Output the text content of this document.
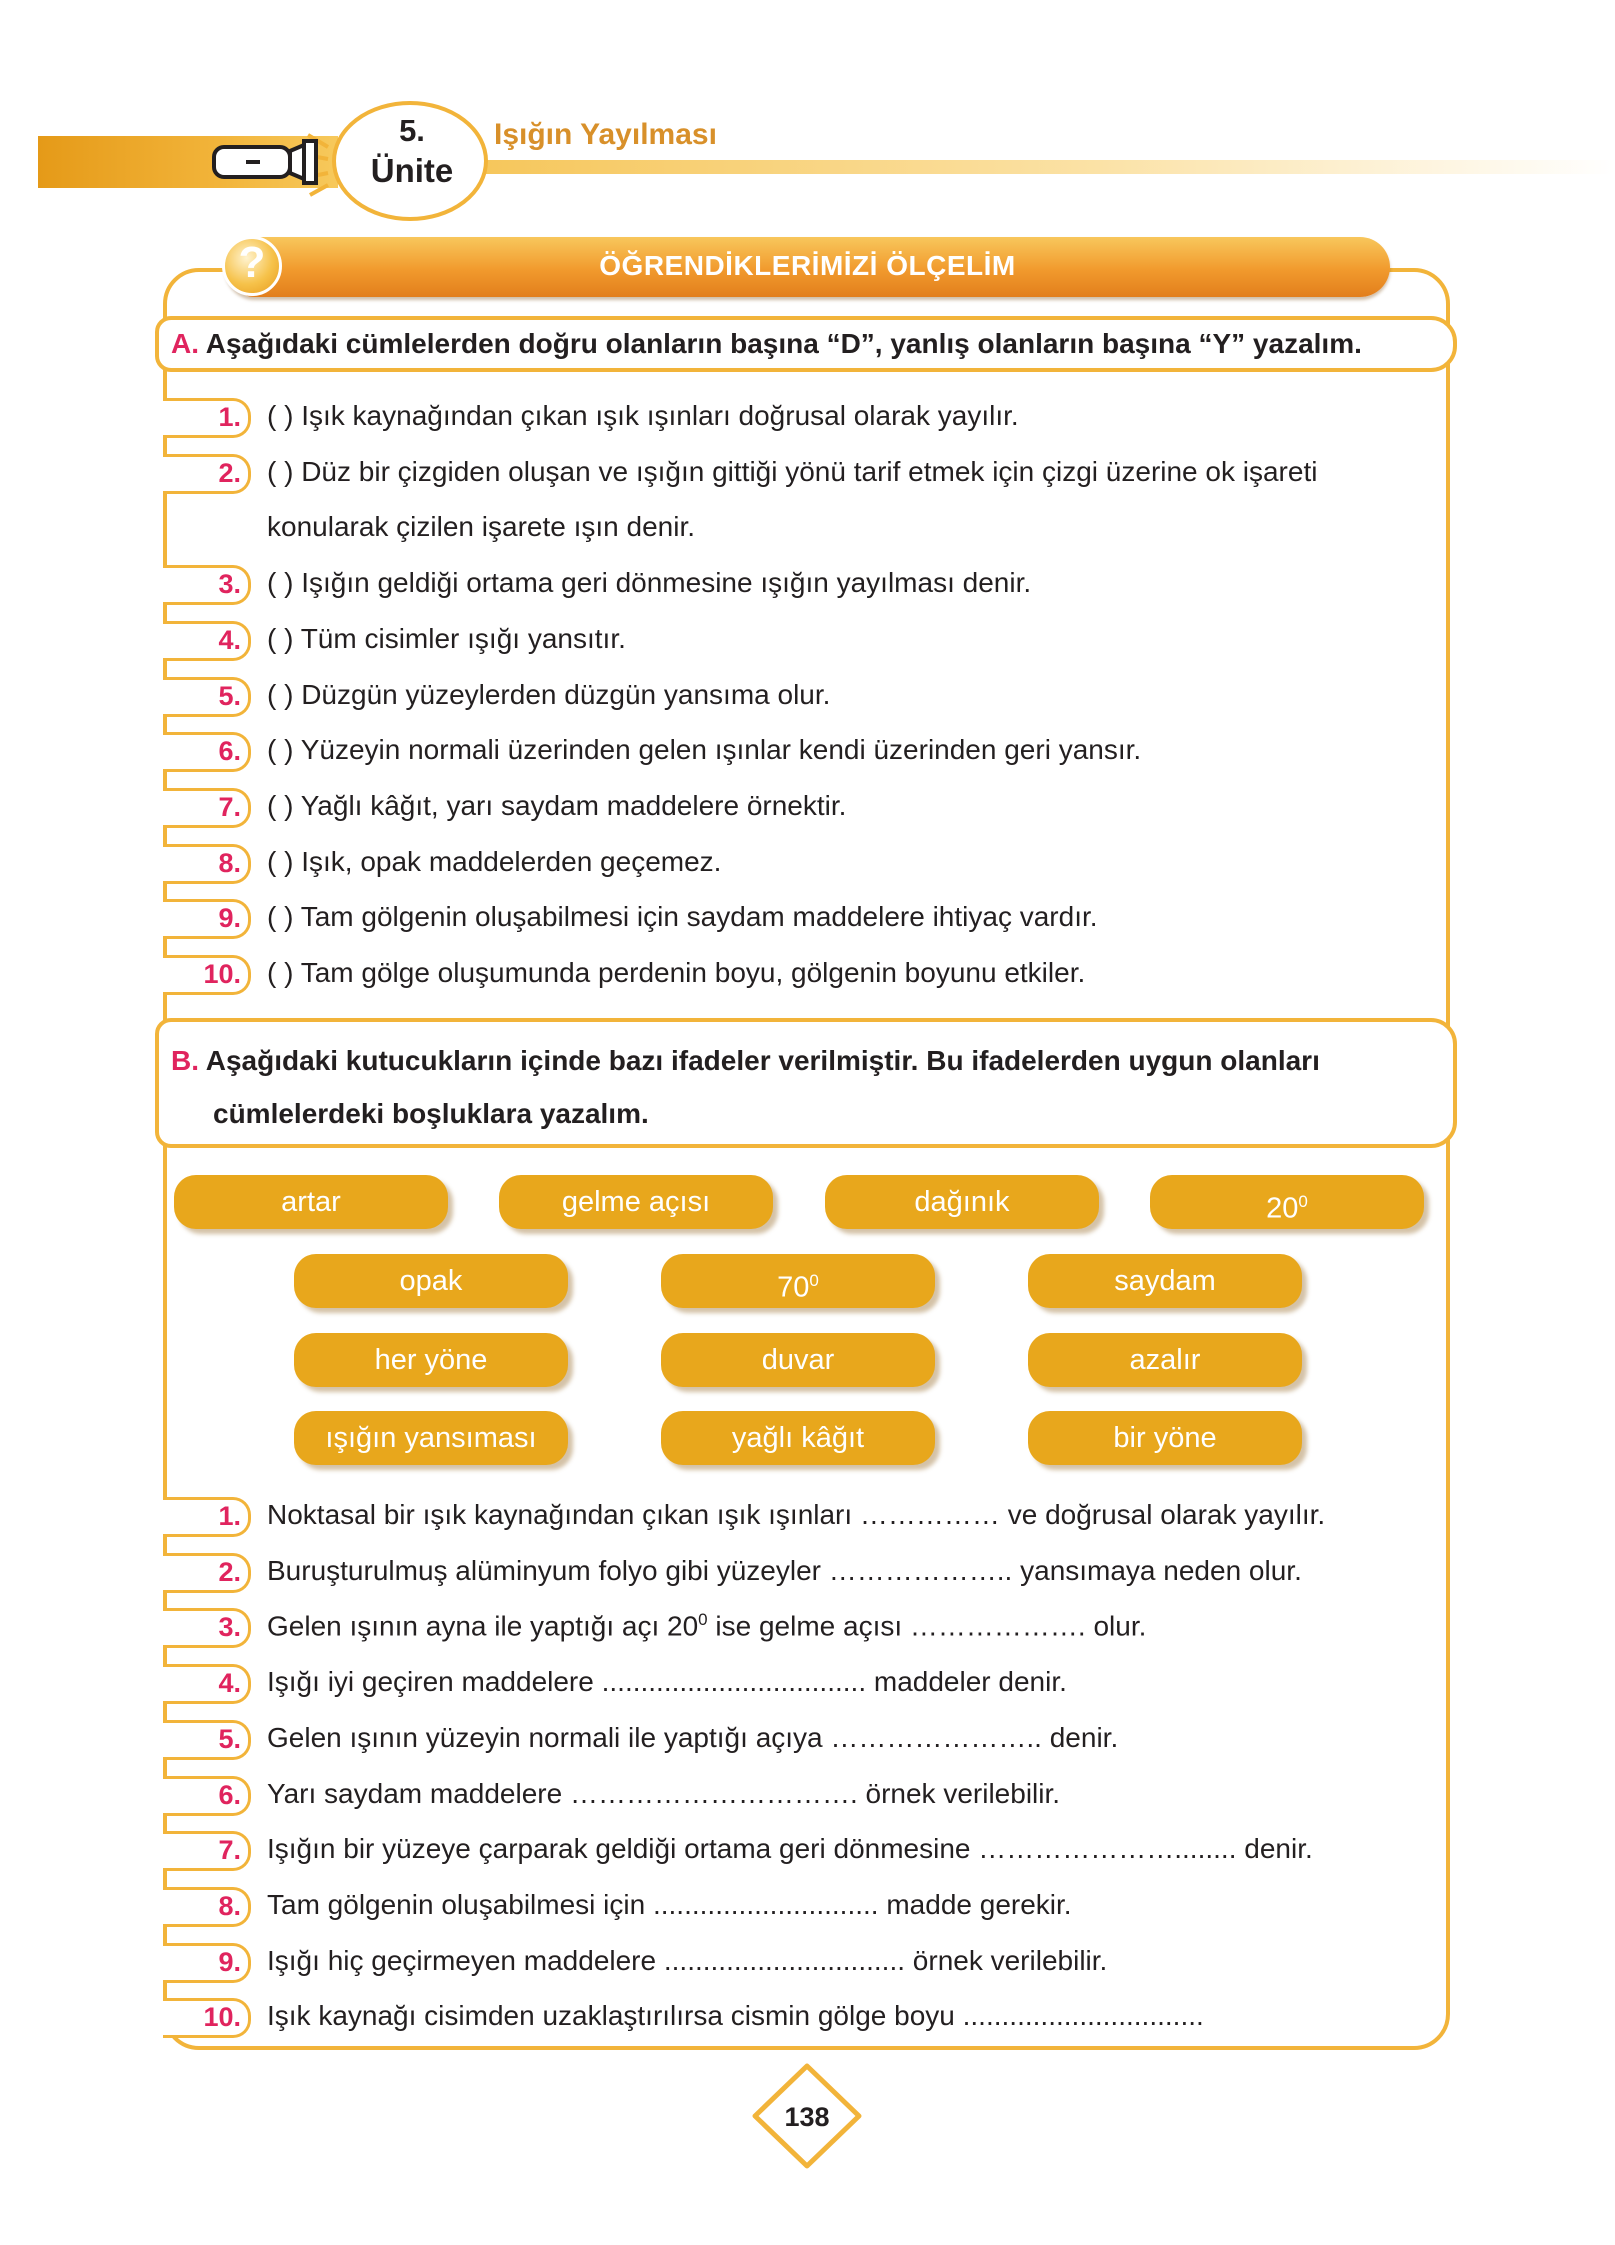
5.
Ünite
Işığın Yayılması
ÖĞRENDİKLERİMİZİ ÖLÇELİM
?
A. Aşağıdaki cümlelerden doğru olanların başına “D”, yanlış olanların başına “Y” yazalım.
1. ( ) Işık kaynağından çıkan ışık ışınları doğrusal olarak yayılır.
2. ( ) Düz bir çizgiden oluşan ve ışığın gittiği yönü tarif etmek için çizgi üzerine ok işareti
konularak çizilen işarete ışın denir.
3. ( ) Işığın geldiği ortama geri dönmesine ışığın yayılması denir.
4. ( ) Tüm cisimler ışığı yansıtır.
5. ( ) Düzgün yüzeylerden düzgün yansıma olur.
6. ( ) Yüzeyin normali üzerinden gelen ışınlar kendi üzerinden geri yansır.
7. ( ) Yağlı kâğıt, yarı saydam maddelere örnektir.
8. ( ) Işık, opak maddelerden geçemez.
9. ( ) Tam gölgenin oluşabilmesi için saydam maddelere ihtiyaç vardır.
10. ( ) Tam gölge oluşumunda perdenin boyu, gölgenin boyunu etkiler.
B. Aşağıdaki kutucukların içinde bazı ifadeler verilmiştir. Bu ifadelerden uygun olanları
cümlelerdeki boşluklara yazalım.
artar	gelme açısı	dağınık	$20^0$
opak	$70^0$	saydam
her yöne	duvar	azalır
ışığın yansıması	yağlı kâğıt	bir yöne
1. Noktasal bir ışık kaynağından çıkan ışık ışınları …………… ve doğrusal olarak yayılır.
2. Buruşturulmuş alüminyum folyo gibi yüzeyler ……………….. yansımaya neden olur.
3. Gelen ışının ayna ile yaptığı açı $20^0$ ise gelme açısı ………………. olur.
4. Işığı iyi geçiren maddelere .................................. maddeler denir.
5. Gelen ışının yüzeyin normali ile yaptığı açıya ………………….. denir.
6. Yarı saydam maddelere …………………………. örnek verilebilir.
7. Işığın bir yüzeye çarparak geldiği ortama geri dönmesine …………………........ denir.
8. Tam gölgenin oluşabilmesi için ............................. madde gerekir.
9. Işığı hiç geçirmeyen maddelere ............................... örnek verilebilir.
10. Işık kaynağı cisimden uzaklaştırılırsa cismin gölge boyu ...............................
138
